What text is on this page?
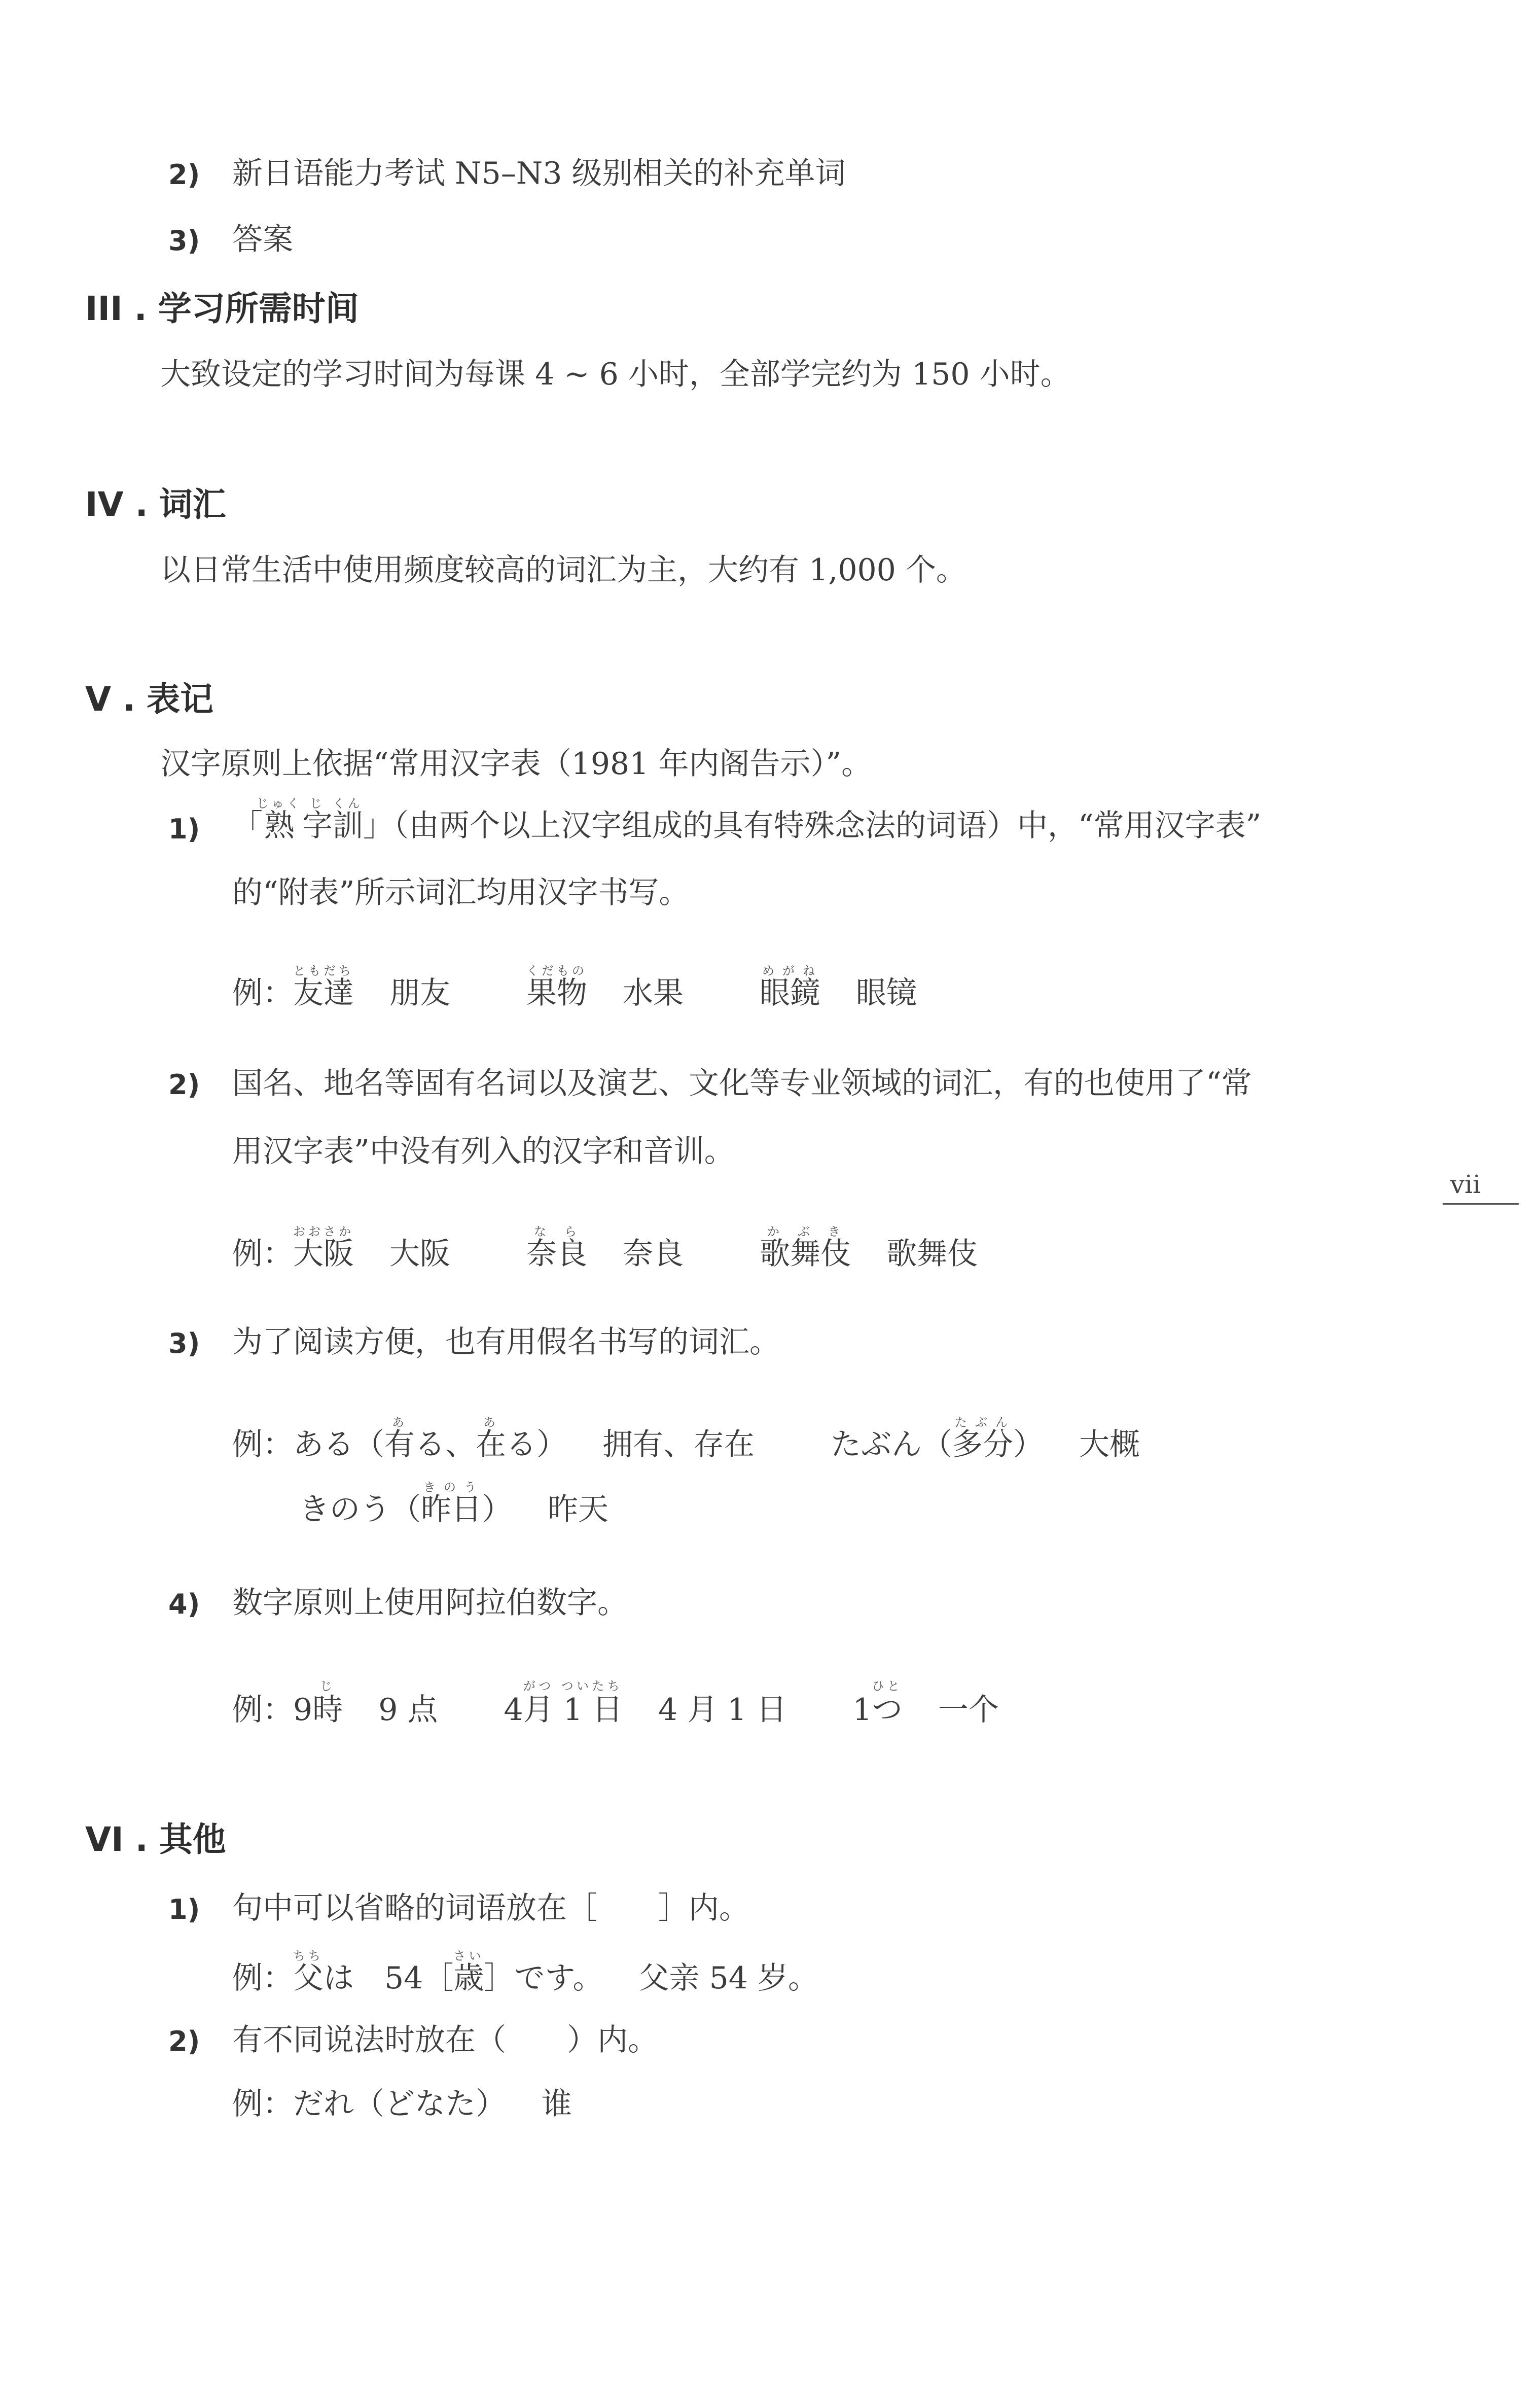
2) 新日语能力考试 N5–N3 级别相关的补充单词
3) 答案
III . 学习所需时间
大致设定的学习时间为每课 4 ~ 6 小时，全部学完约为 150 小时。
IV . 词汇
以日常生活中使用频度较高的词汇为主，大约有 1,000 个。
V . 表记
汉字原则上依据“常用汉字表（1981 年内阁告示）”。
1) 「熟じゅく字じ訓くん」（由两个以上汉字组成的具有特殊念法的词语）中，“常用汉字表”
的“附表”所示词汇均用汉字书写。
例：友達ともだち朋友	果物くだもの水果	眼鏡めがね眼镜
2) 国名、地名等固有名词以及演艺、文化等专业领域的词汇，有的也使用了“常
用汉字表”中没有列入的汉字和音训。
例：大阪おおさか大阪	奈良なら奈良	歌舞伎かぶき歌舞伎
3) 为了阅读方便，也有用假名书写的词汇。
例：ある（有ある、在ある） 拥有、存在	たぶん（多分たぶん） 大概
きのう（昨日きのう） 昨天
4) 数字原则上使用阿拉伯数字。
例：9時じ9 点 4月 1 日がつ ついたち4 月 1 日 1つひと一个
VI . 其他
1) 句中可以省略的词语放在［　　］内。
例：父ちちは　54［歳さい］です。 父亲 54 岁。
2) 有不同说法时放在（　　）内。
例：だれ（どなた） 谁
vii
